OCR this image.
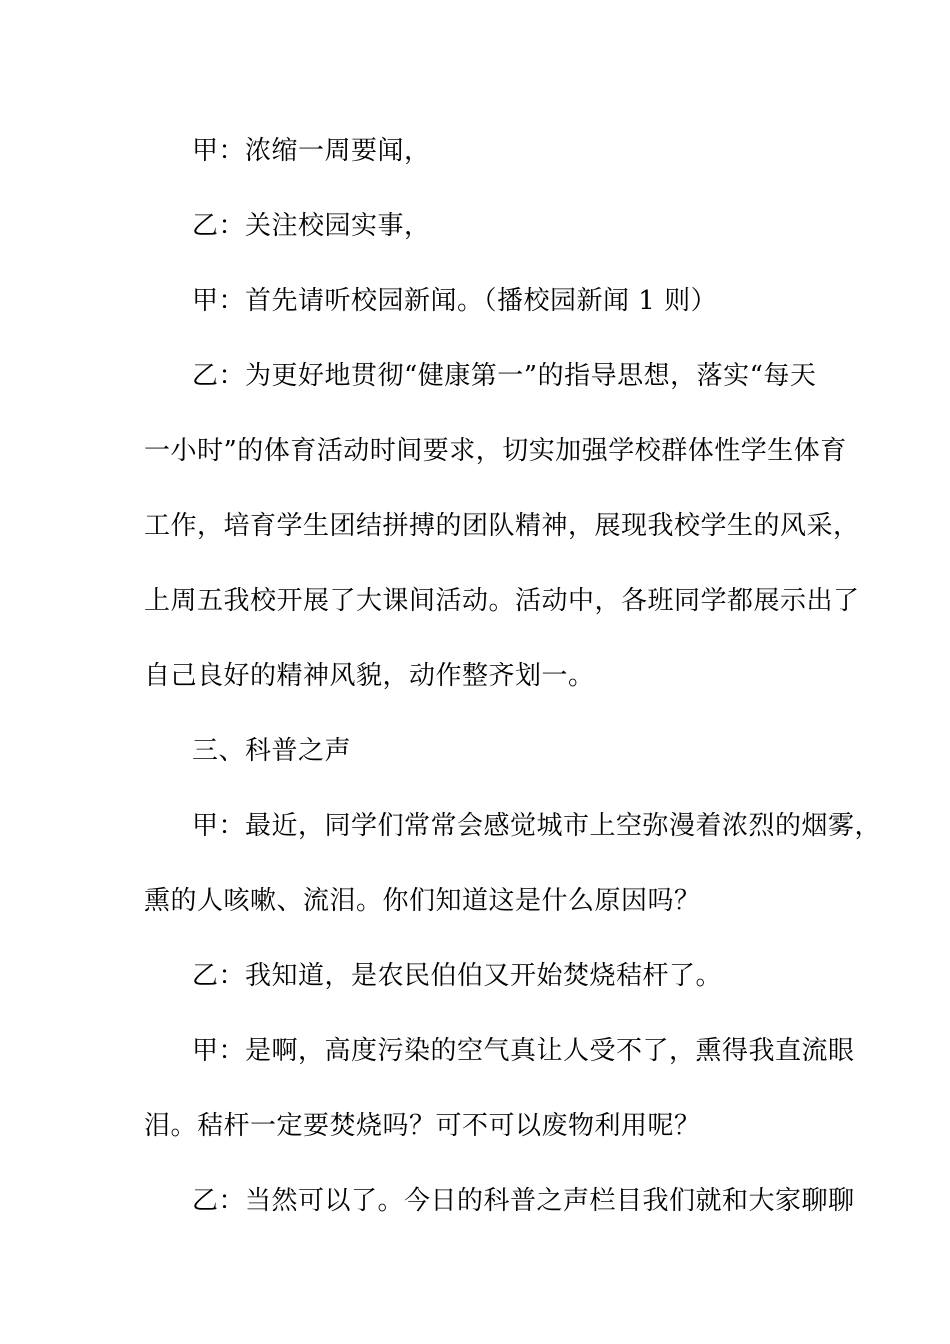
甲：浓缩一周要闻，
乙：关注校园实事，
甲：首先请听校园新闻。（播校园新闻 1 则）
乙：为更好地贯彻“健康第一”的指导思想，落实“每天
一小时”的体育活动时间要求，切实加强学校群体性学生体育
工作，培育学生团结拼搏的团队精神，展现我校学生的风采，
上周五我校开展了大课间活动。活动中，各班同学都展示出了
自己良好的精神风貌，动作整齐划一。
三、科普之声
甲：最近，同学们常常会感觉城市上空弥漫着浓烈的烟雾，
熏的人咳嗽、流泪。你们知道这是什么原因吗？
乙：我知道，是农民伯伯又开始焚烧秸杆了。
甲：是啊，高度污染的空气真让人受不了，熏得我直流眼
泪。秸杆一定要焚烧吗？可不可以废物利用呢？
乙：当然可以了。今日的科普之声栏目我们就和大家聊聊
